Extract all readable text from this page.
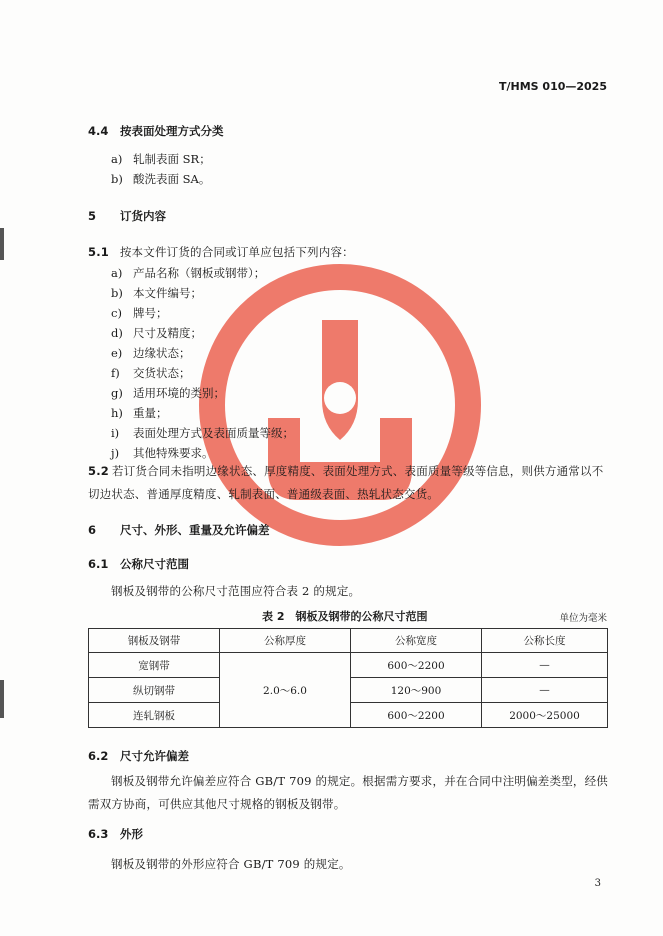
T/HMS 010—2025
4.4 按表面处理方式分类
a) 轧制表面 SR；
b) 酸洗表面 SA。
5 订货内容
5.1 按本文件订货的合同或订单应包括下列内容：
a) 产品名称（钢板或钢带）；
b) 本文件编号；
c) 牌号；
d) 尺寸及精度；
e) 边缘状态；
f) 交货状态；
g) 适用环境的类别；
h) 重量；
i) 表面处理方式及表面质量等级；
j) 其他特殊要求。
5.2 若订货合同未指明边缘状态、厚度精度、表面处理方式、表面质量等级等信息，则供方通常以不切边状态、普通厚度精度、轧制表面、普通级表面、热轧状态交货。
6 尺寸、外形、重量及允许偏差
6.1 公称尺寸范围
钢板及钢带的公称尺寸范围应符合表 2 的规定。
表 2　钢板及钢带的公称尺寸范围	单位为毫米
钢板及钢带	公称厚度	公称宽度	公称长度
宽钢带	2.0～6.0	600～2200	—
纵切钢带		120～900	—
连轧钢板		600～2200	2000～25000
6.2 尺寸允许偏差
钢板及钢带允许偏差应符合 GB/T 709 的规定。根据需方要求，并在合同中注明偏差类型，经供需双方协商，可供应其他尺寸规格的钢板及钢带。
6.3 外形
钢板及钢带的外形应符合 GB/T 709 的规定。
3
